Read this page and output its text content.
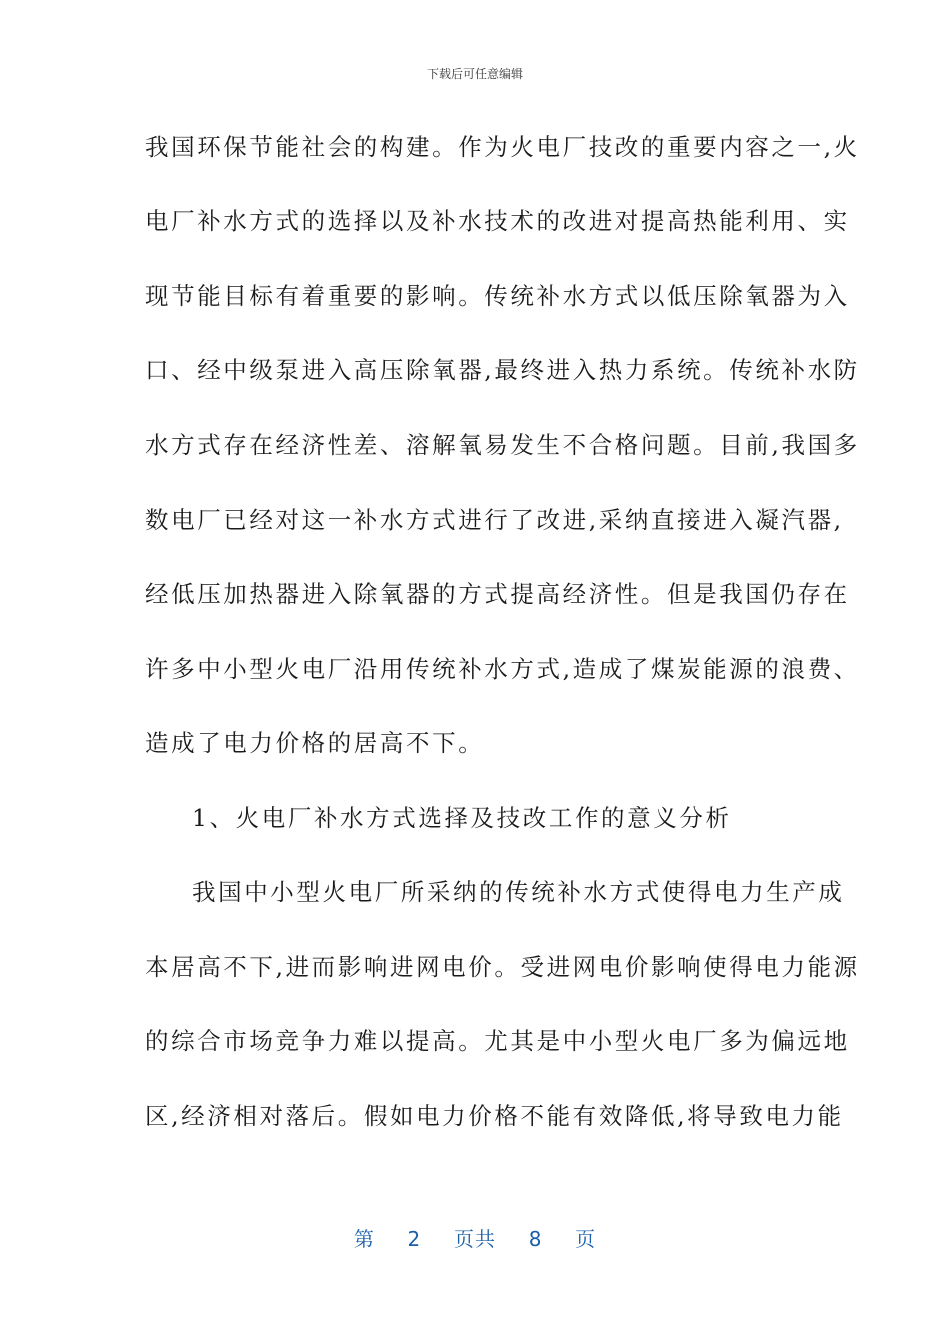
下载后可任意编辑
我国环保节能社会的构建。作为火电厂技改的重要内容之一,火
电厂补水方式的选择以及补水技术的改进对提高热能利用、实
现节能目标有着重要的影响。传统补水方式以低压除氧器为入
口、经中级泵进入高压除氧器,最终进入热力系统。传统补水防
水方式存在经济性差、溶解氧易发生不合格问题。目前,我国多
数电厂已经对这一补水方式进行了改进,采纳直接进入凝汽器,
经低压加热器进入除氧器的方式提高经济性。但是我国仍存在
许多中小型火电厂沿用传统补水方式,造成了煤炭能源的浪费、
造成了电力价格的居高不下。
1、火电厂补水方式选择及技改工作的意义分析
我国中小型火电厂所采纳的传统补水方式使得电力生产成
本居高不下,进而影响进网电价。受进网电价影响使得电力能源
的综合市场竞争力难以提高。尤其是中小型火电厂多为偏远地
区,经济相对落后。假如电力价格不能有效降低,将导致电力能
第 2 页共 8 页
